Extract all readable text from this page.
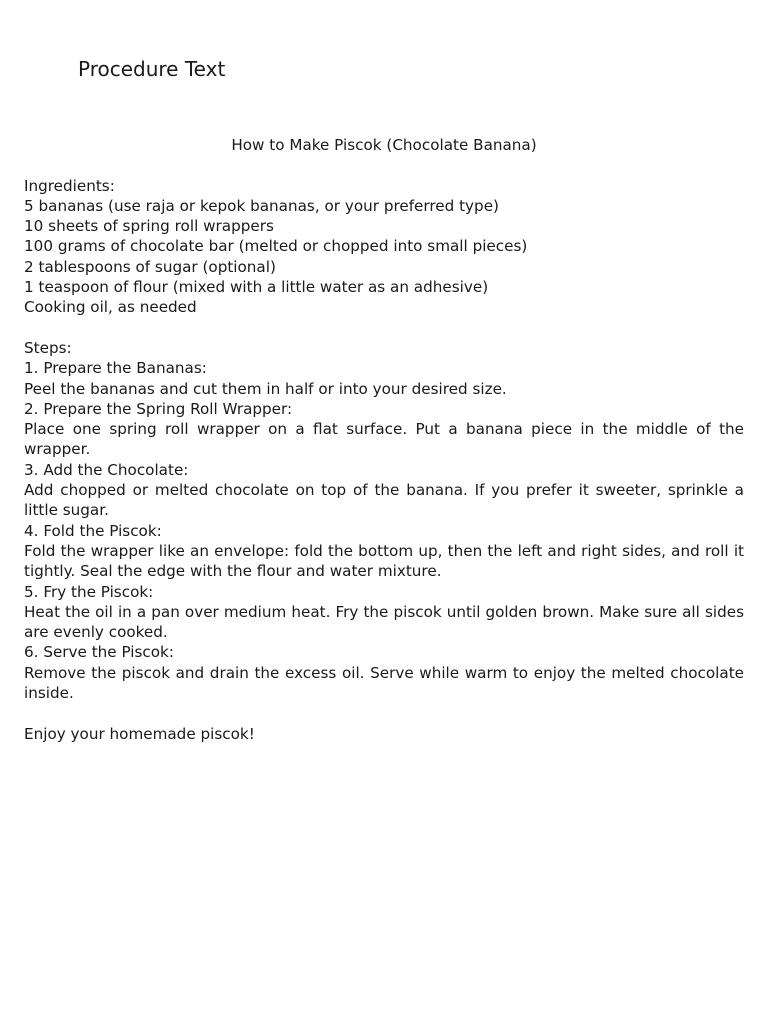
Procedure Text
How to Make Piscok (Chocolate Banana)

Ingredients:

5 bananas (use raja or kepok bananas, or your preferred type)
10 sheets of spring roll wrappers
100 grams of chocolate bar (melted or chopped into small pieces)
2 tablespoons of sugar (optional)
1 teaspoon of flour (mixed with a little water as an adhesive)
Cooking oil, as needed

Steps:

1. Prepare the Bananas:

Peel the bananas and cut them in half or into your desired size.

2. Prepare the Spring Roll Wrapper:

Place one spring roll wrapper on a flat surface. Put a banana piece in the middle of the wrapper.

3. Add the Chocolate:

Add chopped or melted chocolate on top of the banana. If you prefer it sweeter, sprinkle a little sugar.

4. Fold the Piscok:

Fold the wrapper like an envelope: fold the bottom up, then the left and right sides, and roll it tightly. Seal the edge with the flour and water mixture.

5. Fry the Piscok:

Heat the oil in a pan over medium heat. Fry the piscok until golden brown. Make sure all sides are evenly cooked.

6. Serve the Piscok:

Remove the piscok and drain the excess oil. Serve while warm to enjoy the melted chocolate inside.

Enjoy your homemade piscok!
